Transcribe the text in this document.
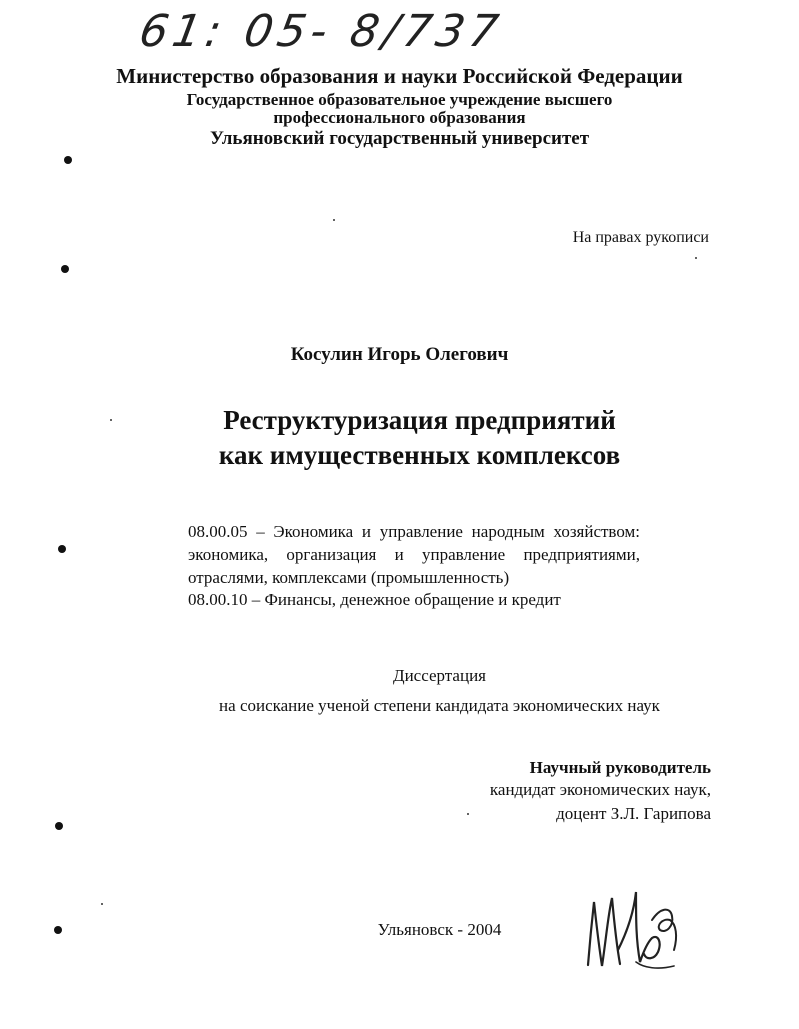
61: 05- 8/737
Министерство образования и науки Российской Федерации
Государственное образовательное учреждение высшего
профессионального образования
Ульяновский государственный университет
На правах рукописи
Косулин Игорь Олегович
Реструктуризация предприятий
как имущественных комплексов
08.00.05 – Экономика и управление народным хозяйством:
экономика, организация и управление предприятиями,
отраслями, комплексами (промышленность)
08.00.10 – Финансы, денежное обращение и кредит
Диссертация
на соискание ученой степени кандидата экономических наук
Научный руководитель
кандидат экономических наук,
доцент З.Л. Гарипова
Ульяновск - 2004
